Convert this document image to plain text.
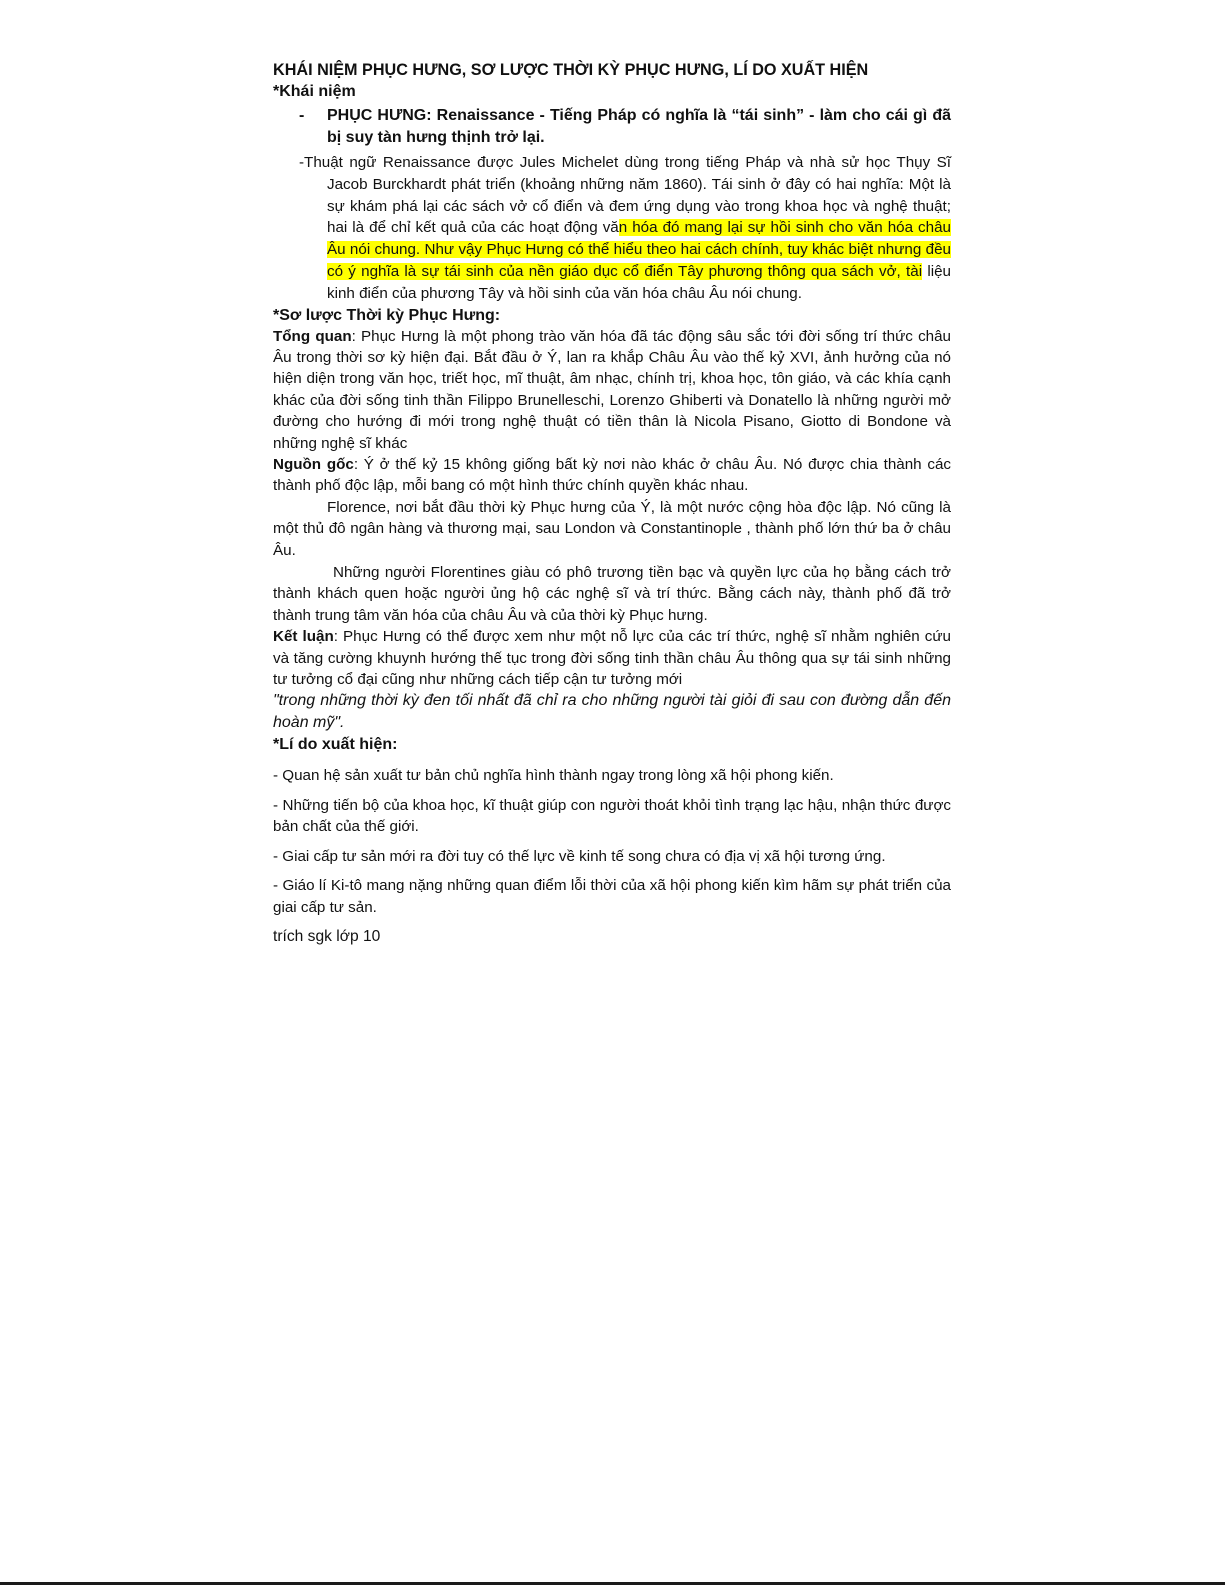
KHÁI NIỆM PHỤC HƯNG, SƠ LƯỢC THỜI KỲ PHỤC HƯNG, LÍ DO XUẤT HIỆN

*Khái niệm

-	PHỤC HƯNG: Renaissance - Tiếng Pháp có nghĩa là “tái sinh” - làm cho cái gì đã bị suy tàn hưng thịnh trở lại.

-Thuật ngữ Renaissance được Jules Michelet dùng trong tiếng Pháp và nhà sử học Thụy Sĩ Jacob Burckhardt phát triển (khoảng những năm 1860). Tái sinh ở đây có hai nghĩa: Một là sự khám phá lại các sách vở cổ điển và đem ứng dụng vào trong khoa học và nghệ thuật; hai là để chỉ kết quả của các hoạt động văn hóa đó mang lại sự hồi sinh cho văn hóa châu Âu nói chung. Như vậy Phục Hưng có thể hiểu theo hai cách chính, tuy khác biệt nhưng đều có ý nghĩa là sự tái sinh của nền giáo dục cổ điển Tây phương thông qua sách vở, tài liệu kinh điển của phương Tây và hồi sinh của văn hóa châu Âu nói chung.

*Sơ lược Thời kỳ Phục Hưng:

Tổng quan: Phục Hưng là một phong trào văn hóa đã tác động sâu sắc tới đời sống trí thức châu Âu trong thời sơ kỳ hiện đại. Bắt đầu ở Ý, lan ra khắp Châu Âu vào thế kỷ XVI, ảnh hưởng của nó hiện diện trong văn học, triết học, mĩ thuật, âm nhạc, chính trị, khoa học, tôn giáo, và các khía cạnh khác của đời sống tinh thần Filippo Brunelleschi, Lorenzo Ghiberti và Donatello là những người mở đường cho hướng đi mới trong nghệ thuật có tiền thân là Nicola Pisano, Giotto di Bondone và những nghệ sĩ khác

Nguồn gốc: Ý ở thế kỷ 15 không giống bất kỳ nơi nào khác ở châu Âu. Nó được chia thành các thành phố độc lập, mỗi bang có một hình thức chính quyền khác nhau.

Florence, nơi bắt đầu thời kỳ Phục hưng của Ý, là một nước cộng hòa độc lập. Nó cũng là một thủ đô ngân hàng và thương mại, sau London và Constantinople , thành phố lớn thứ ba ở châu Âu.

Những người Florentines giàu có phô trương tiền bạc và quyền lực của họ bằng cách trở thành khách quen hoặc người ủng hộ các nghệ sĩ và trí thức. Bằng cách này, thành phố đã trở thành trung tâm văn hóa của châu Âu và của thời kỳ Phục hưng.

Kết luận: Phục Hưng có thể được xem như một nỗ lực của các trí thức, nghệ sĩ nhằm nghiên cứu và tăng cường khuynh hướng thế tục trong đời sống tinh thần châu Âu thông qua sự tái sinh những tư tưởng cổ đại cũng như những cách tiếp cận tư tưởng mới

"trong những thời kỳ đen tối nhất đã chỉ ra cho những người tài giỏi đi sau con đường dẫn đến hoàn mỹ".

*Lí do xuất hiện:

- Quan hệ sản xuất tư bản chủ nghĩa hình thành ngay trong lòng xã hội phong kiến.

- Những tiến bộ của khoa học, kĩ thuật giúp con người thoát khỏi tình trạng lạc hậu, nhận thức được bản chất của thế giới.

- Giai cấp tư sản mới ra đời tuy có thế lực về kinh tế song chưa có địa vị xã hội tương ứng.

- Giáo lí Ki-tô mang nặng những quan điểm lỗi thời của xã hội phong kiến kìm hãm sự phát triển của giai cấp tư sản.

trích sgk lớp 10
